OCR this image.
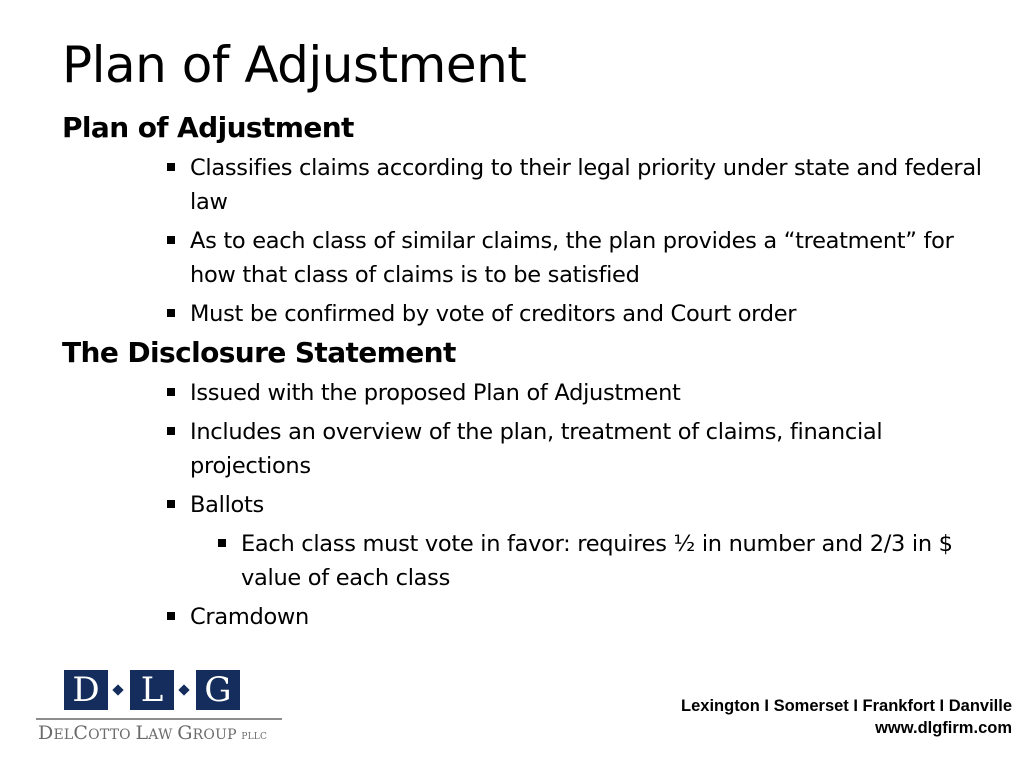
Plan of Adjustment
Plan of Adjustment
Classifies claims according to their legal priority under state and federal law
As to each class of similar claims, the plan provides a “treatment” for how that class of claims is to be satisfied
Must be confirmed by vote of creditors and Court order
The Disclosure Statement
Issued with the proposed Plan of Adjustment
Includes an overview of the plan, treatment of claims, financial projections
Ballots
Each class must vote in favor: requires ½ in number and 2/3 in $ value of each class
Cramdown
D	L	G
DELCOTTO LAW GROUP PLLC
Lexington I Somerset I Frankfort I Danville
www.dlgfirm.com
